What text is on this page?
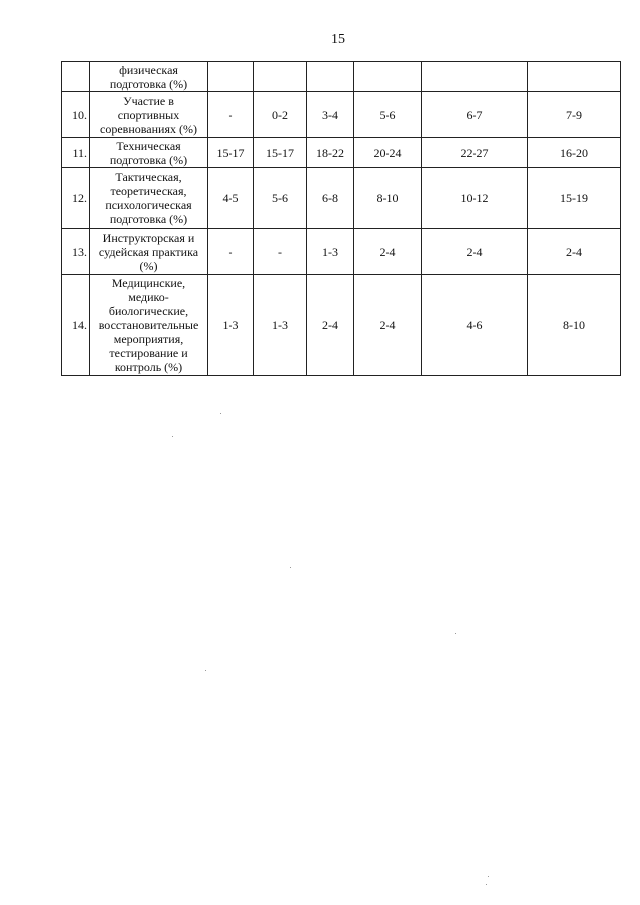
15
	физическая подготовка (%)						
10.	Участие в спортивных соревнованиях (%)	-	0-2	3-4	5-6	6-7	7-9
11.	Техническая подготовка (%)	15-17	15-17	18-22	20-24	22-27	16-20
12.	Тактическая, теоретическая, психологическая подготовка (%)	4-5	5-6	6-8	8-10	10-12	15-19
13.	Инструкторская и судейская практика (%)	-	-	1-3	2-4	2-4	2-4
14.	Медицинские, медико-биологические, восстановительные мероприятия, тестирование и контроль (%)	1-3	1-3	2-4	2-4	4-6	8-10
